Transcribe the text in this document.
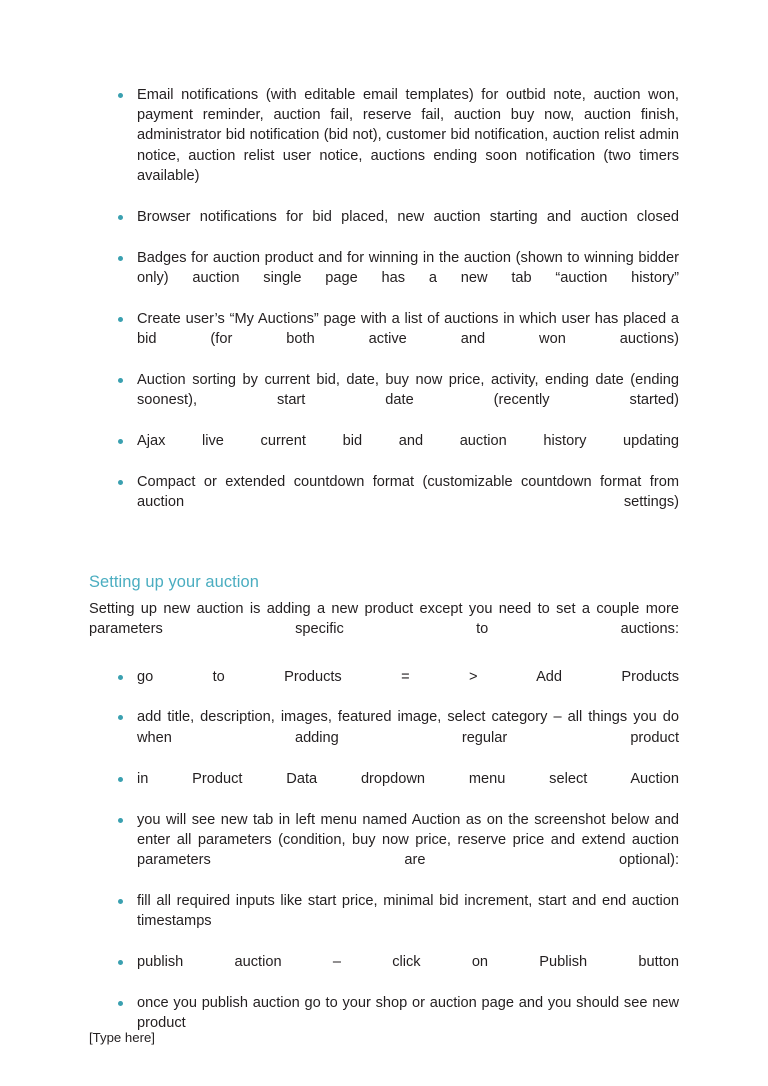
Email notifications (with editable email templates) for outbid note, auction won, payment reminder, auction fail, reserve fail, auction buy now, auction finish, administrator bid notification (bid not), customer bid notification, auction relist admin notice, auction relist user notice, auctions ending soon notification (two timers available)
Browser notifications for bid placed, new auction starting and auction closed
Badges for auction product and for winning in the auction (shown to winning bidder only) auction single page has a new tab “auction history”
Create user’s “My Auctions” page with a list of auctions in which user has placed a bid (for both active and won auctions)
Auction sorting by current bid, date, buy now price, activity, ending date (ending soonest), start date (recently started)
Ajax live current bid and auction history updating
Compact or extended countdown format (customizable countdown format from auction settings)
Setting up your auction

Setting up new auction is adding a new product except you need to set a couple more parameters specific to auctions:

go to Products = > Add Products
add title, description, images, featured image, select category – all things you do when adding regular product
in Product Data dropdown menu select Auction
you will see new tab in left menu named Auction as on the screenshot below and enter all parameters (condition, buy now price, reserve price and extend auction parameters are optional):
fill all required inputs like start price, minimal bid increment, start and end auction timestamps
publish auction – click on Publish button
once you publish auction go to your shop or auction page and you should see new product
[Type here]
